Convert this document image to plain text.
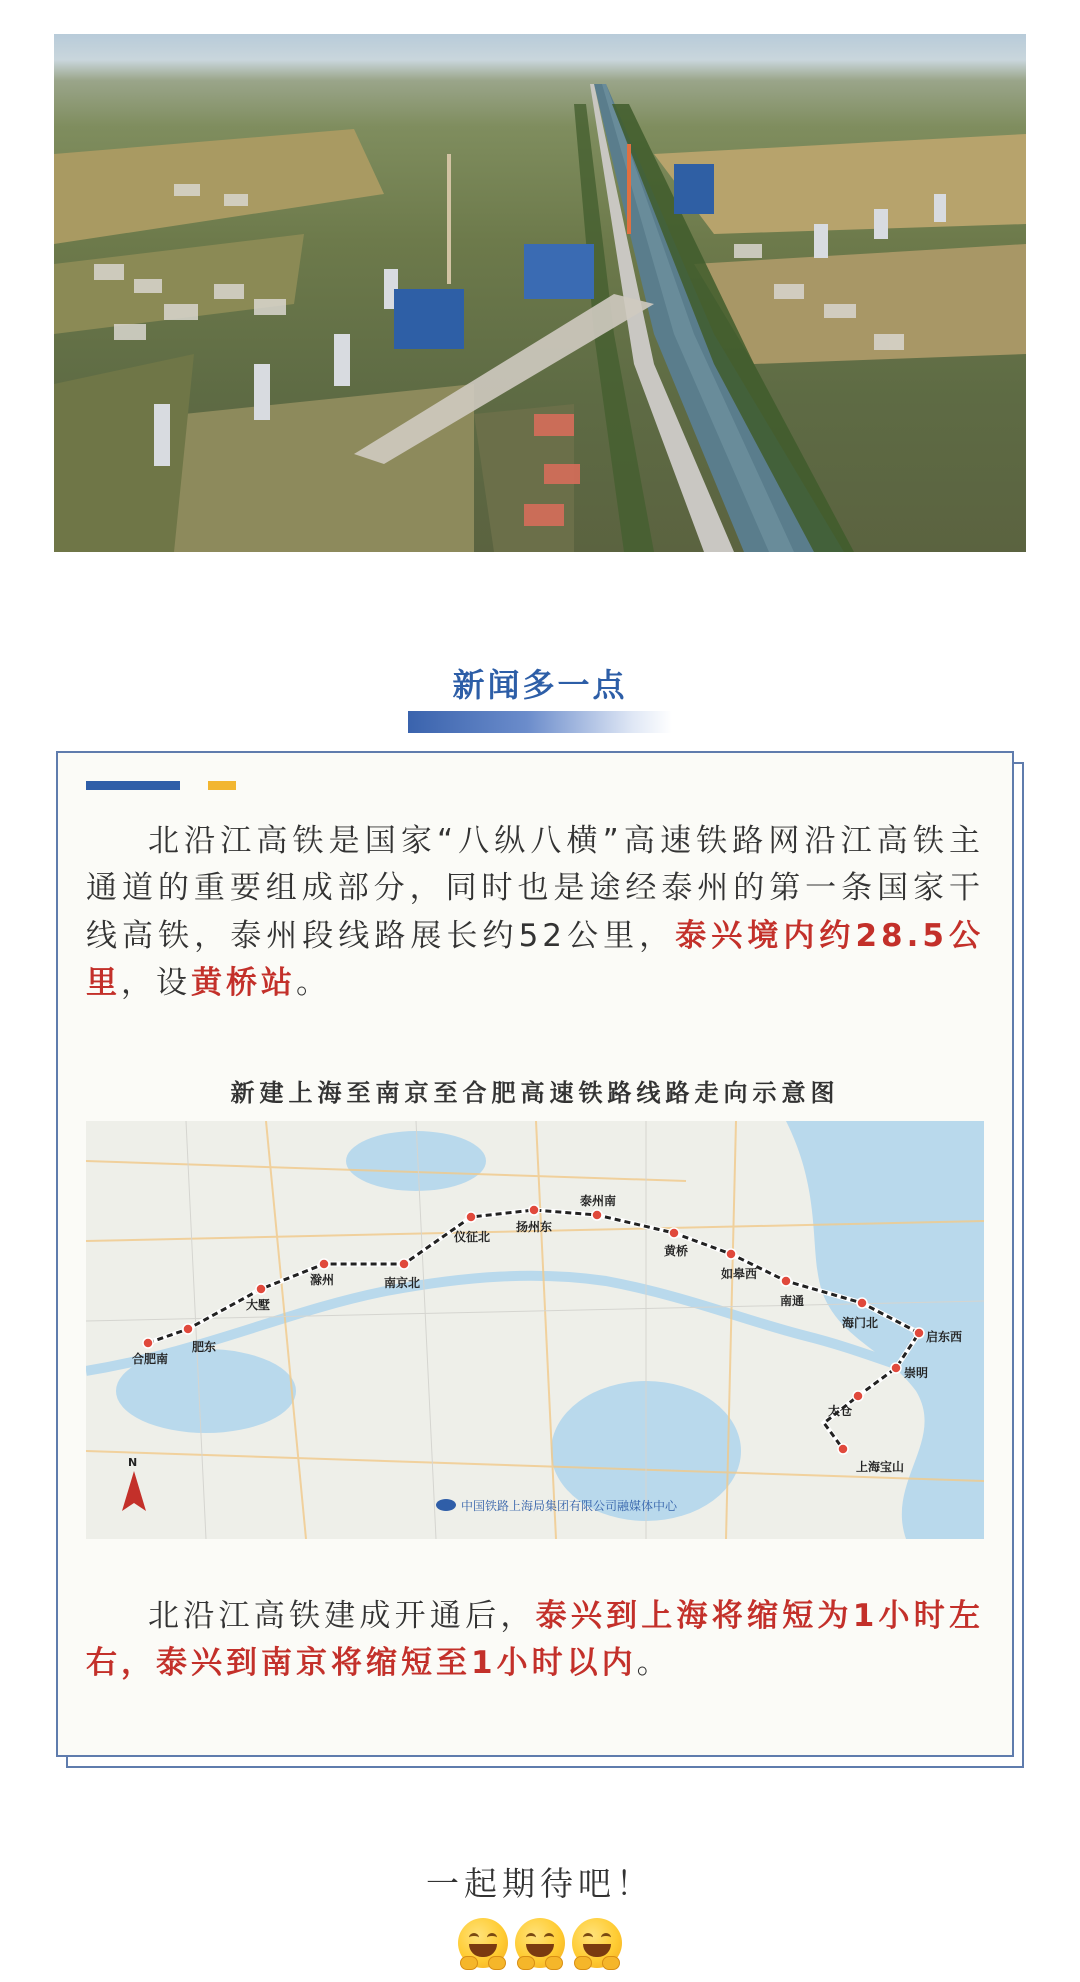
新闻多一点

北沿江高铁是国家“八纵八横”高速铁路网沿江高铁主通道的重要组成部分，同时也是途经泰州的第一条国家干线高铁，泰州段线路展长约52公里，泰兴境内约28.5公里，设黄桥站。

新建上海至南京至合肥高速铁路线路走向示意图
合肥南
肥东
大墅
滁州	南京北
仪征北
扬州东
泰州南
黄桥
如皋西
南通
海门北
启东西
崇明
太仓
上海宝山
N
中国铁路上海局集团有限公司融媒体中心

北沿江高铁建成开通后，泰兴到上海将缩短为1小时左右，泰兴到南京将缩短至1小时以内。

一起期待吧！
